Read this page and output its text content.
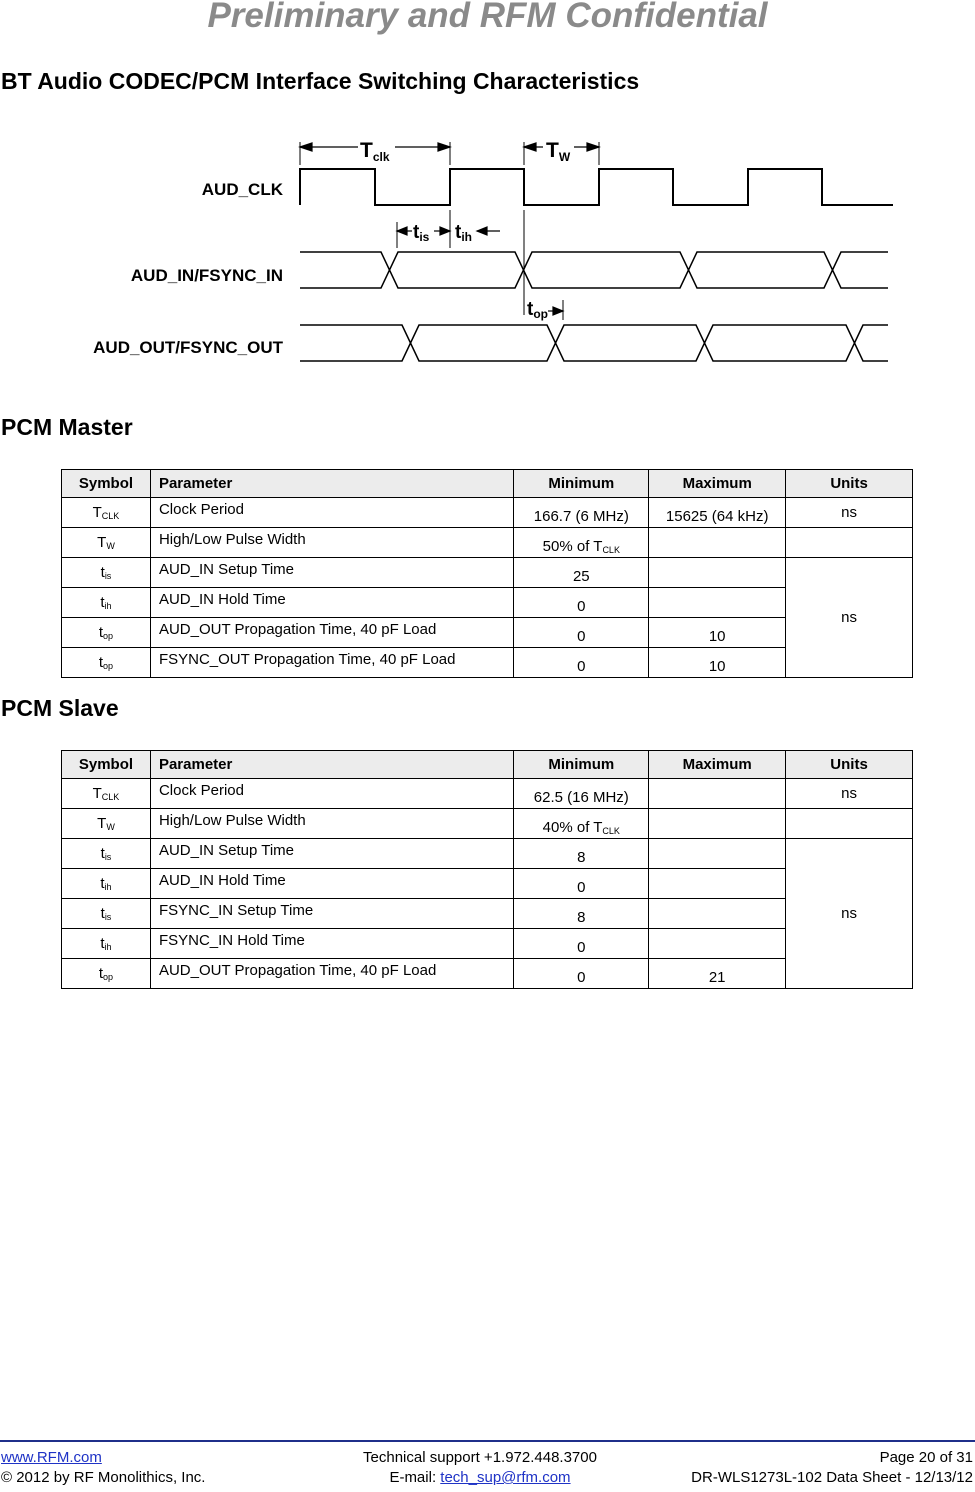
Preliminary and RFM Confidential
BT Audio CODEC/PCM Interface Switching Characteristics
AUD_CLK
AUD_IN/FSYNC_IN
AUD_OUT/FSYNC_OUT
Tclk	TW
tis tih
top
PCM Master
Symbol	Parameter	Minimum	Maximum	Units
$T_{CLK}$	Clock Period	166.7 (6 MHz)	15625 (64 kHz)	ns
$T_W$	High/Low Pulse Width	50% of $T_{CLK}$		
$t_{is}$	AUD_IN Setup Time	25		ns
$t_{ih}$	AUD_IN Hold Time	0		
$t_{op}$	AUD_OUT Propagation Time, 40 pF Load	0	10	
$t_{op}$	FSYNC_OUT Propagation Time, 40 pF Load	0	10	
PCM Slave
Symbol	Parameter	Minimum	Maximum	Units
$T_{CLK}$	Clock Period	62.5 (16 MHz)		ns
$T_W$	High/Low Pulse Width	40% of $T_{CLK}$		
$t_{is}$	AUD_IN Setup Time	8		ns
$t_{ih}$	AUD_IN Hold Time	0		
$t_{is}$	FSYNC_IN Setup Time	8		
$t_{ih}$	FSYNC_IN Hold Time	0		
$t_{op}$	AUD_OUT Propagation Time, 40 pF Load	0	21	
www.RFM.com
© 2012 by RF Monolithics, Inc.
Technical support +1.972.448.3700
E-mail: tech_sup@rfm.com
Page 20 of 31
DR-WLS1273L-102 Data Sheet - 12/13/12
